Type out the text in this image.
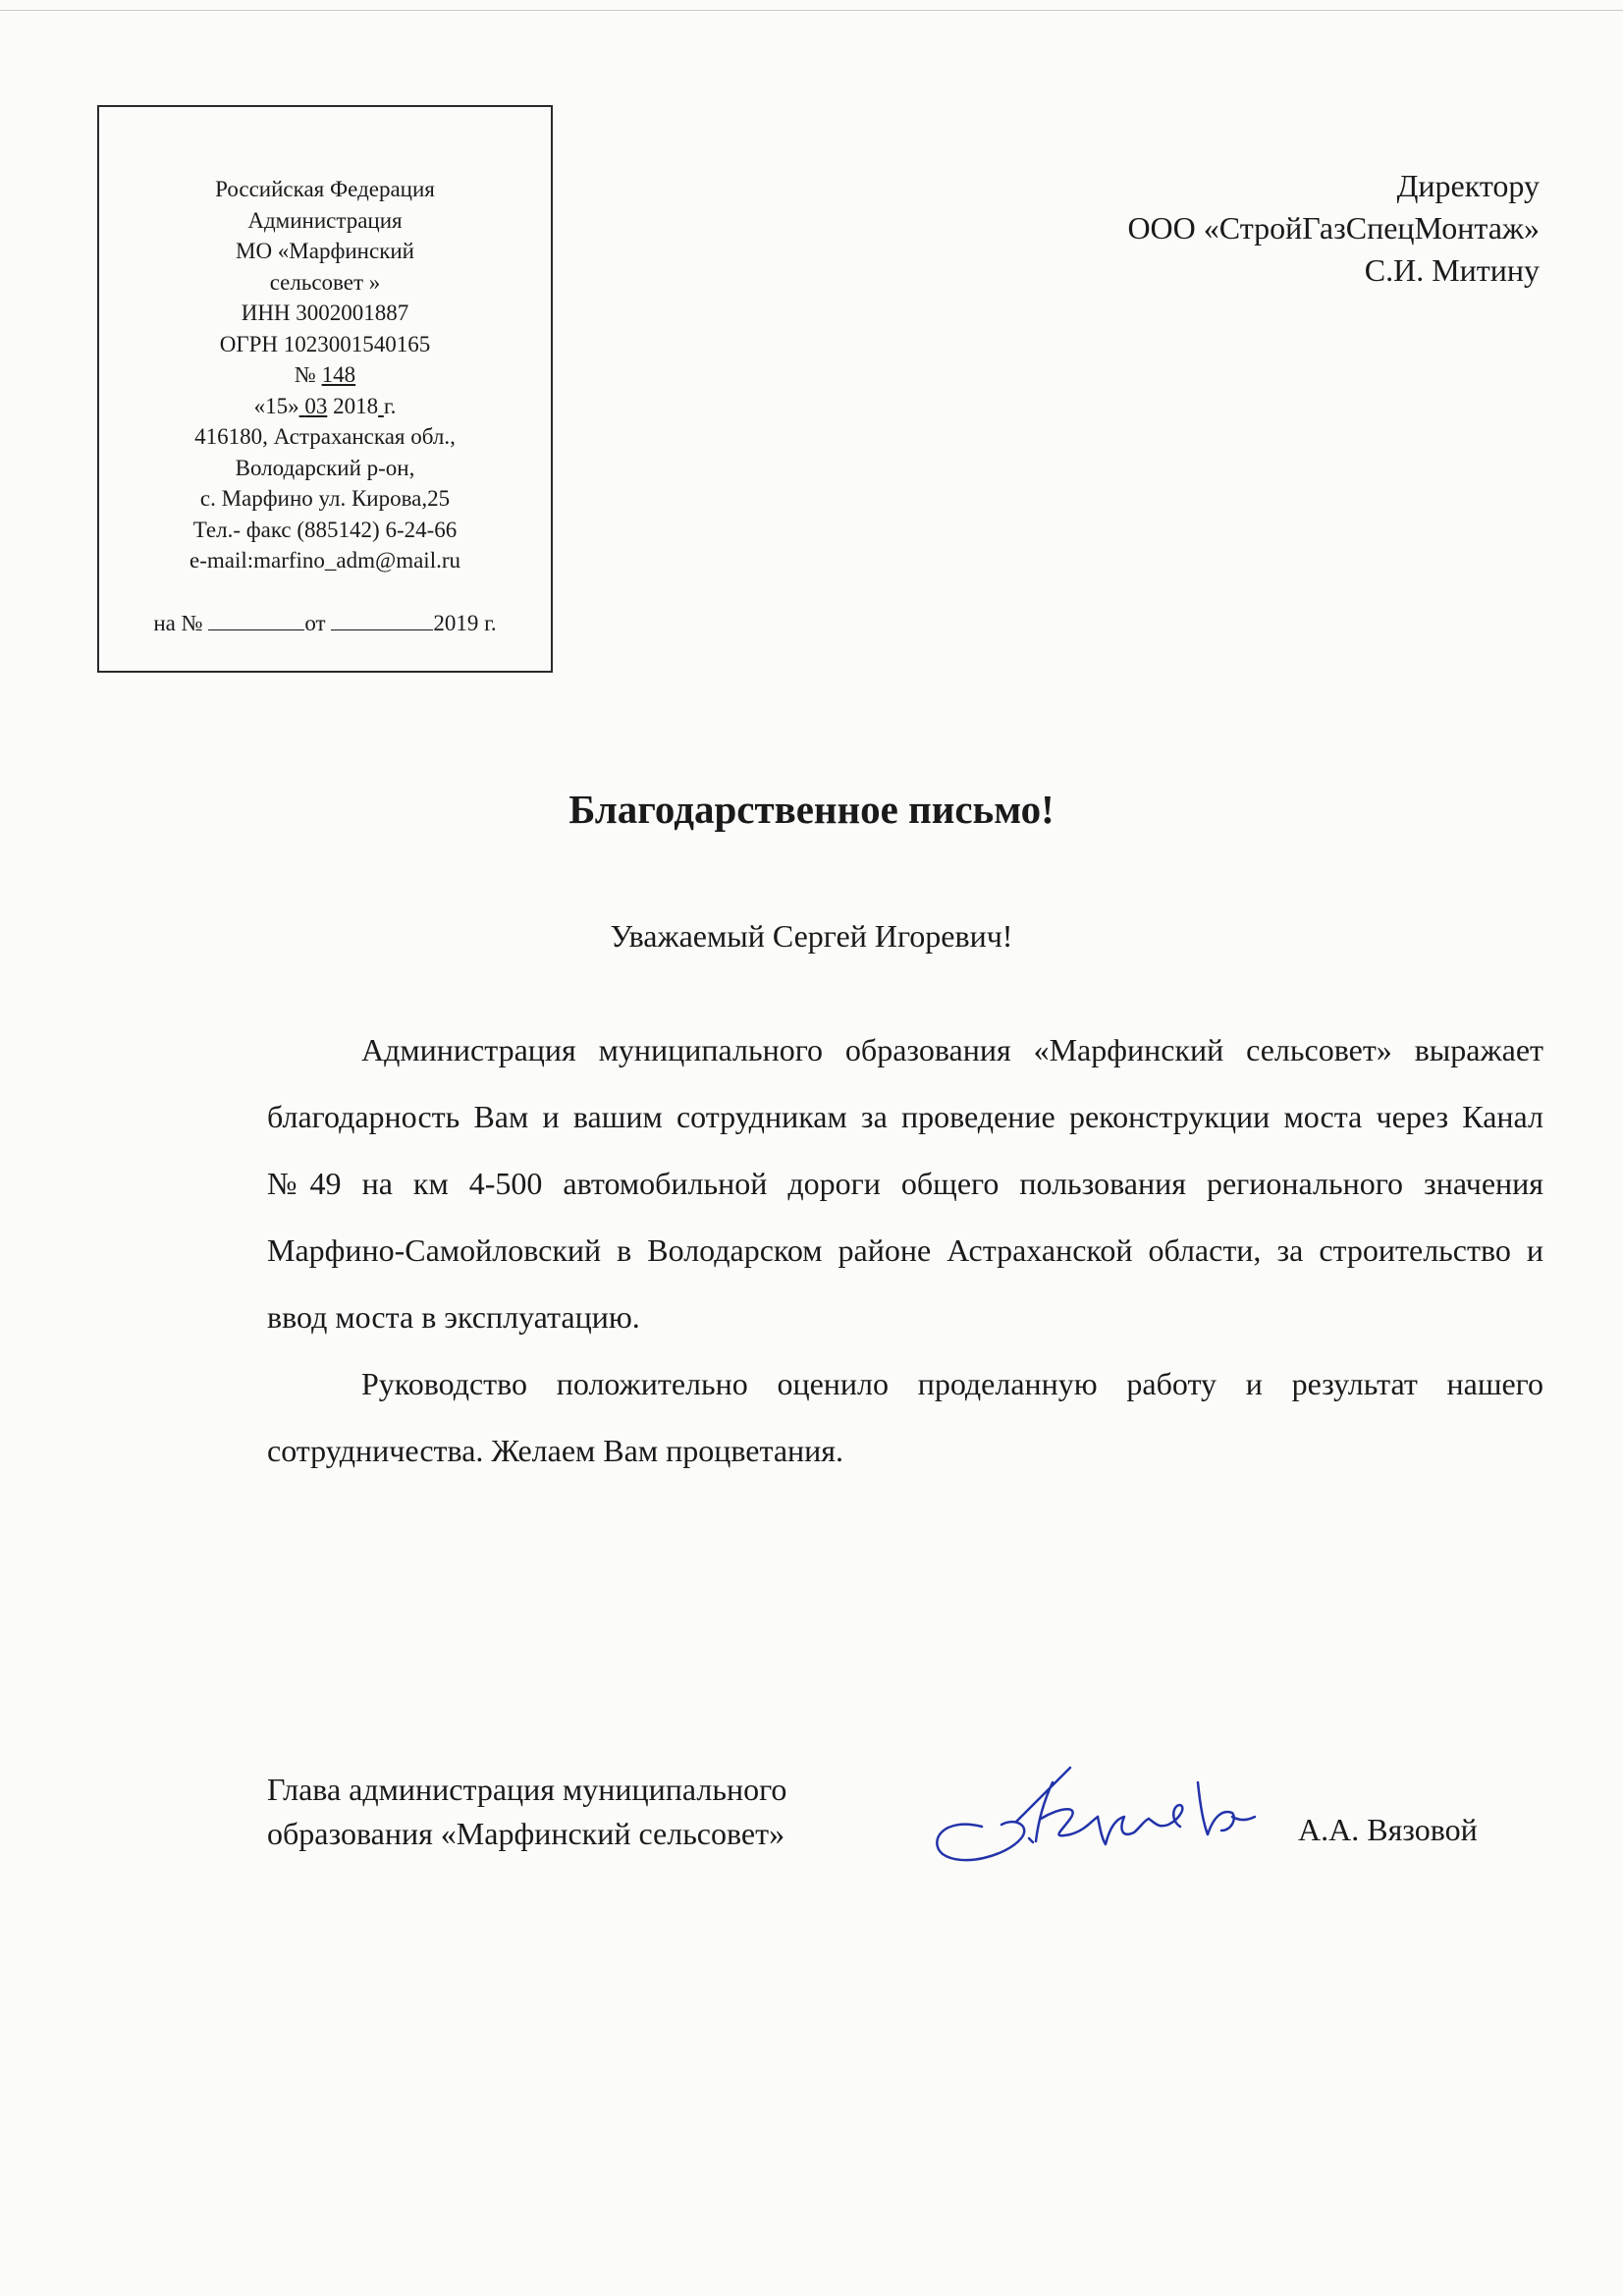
Российская Федерация
Администрация
МО «Марфинский
сельсовет »
ИНН 3002001887
ОГРН 1023001540165
№ 148
«15» 03 2018 г.
416180, Астраханская обл.,
Володарский р-он,
с. Марфино ул. Кирова,25
Тел.- факс (885142) 6-24-66
e-mail:marfino_adm@mail.ru
на №	от	2019 г.
Директору
ООО «СтройГазСпецМонтаж»
С.И. Митину
Благодарственное письмо!
Уважаемый Сергей Игоревич!

Администрация муниципального образования «Марфинский сельсовет» выражает благодарность Вам и вашим сотрудникам за проведение реконструкции моста через Канал №49 на км 4-500 автомобильной дороги общего пользования регионального значения Марфино-Самойловский в Володарском районе Астраханской области, за строительство и ввод моста в эксплуатацию.

Руководство положительно оценило проделанную работу и результат нашего сотрудничества. Желаем Вам процветания.

Глава администрация муниципального
образования «Марфинский сельсовет»	А.А. Вязовой
